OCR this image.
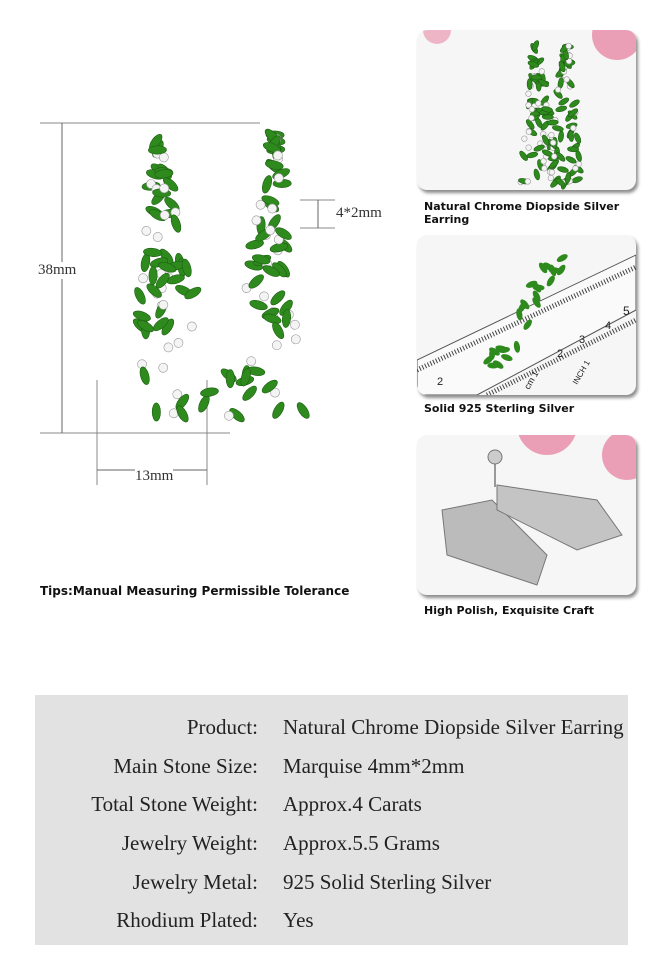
38mm
13mm
4*2mm
Tips:Manual Measuring Permissible Tolerance
Natural Chrome Diopside Silver Earring
2	cm 1
2
3
4
5
INCH 1
Solid 925 Sterling Silver
High Polish, Exquisite Craft
Product: Natural Chrome Diopside Silver Earring
Main Stone Size: Marquise 4mm*2mm
Total Stone Weight: Approx.4 Carats
Jewelry Weight: Approx.5.5 Grams
Jewelry Metal: 925 Solid Sterling Silver
Rhodium Plated: Yes
